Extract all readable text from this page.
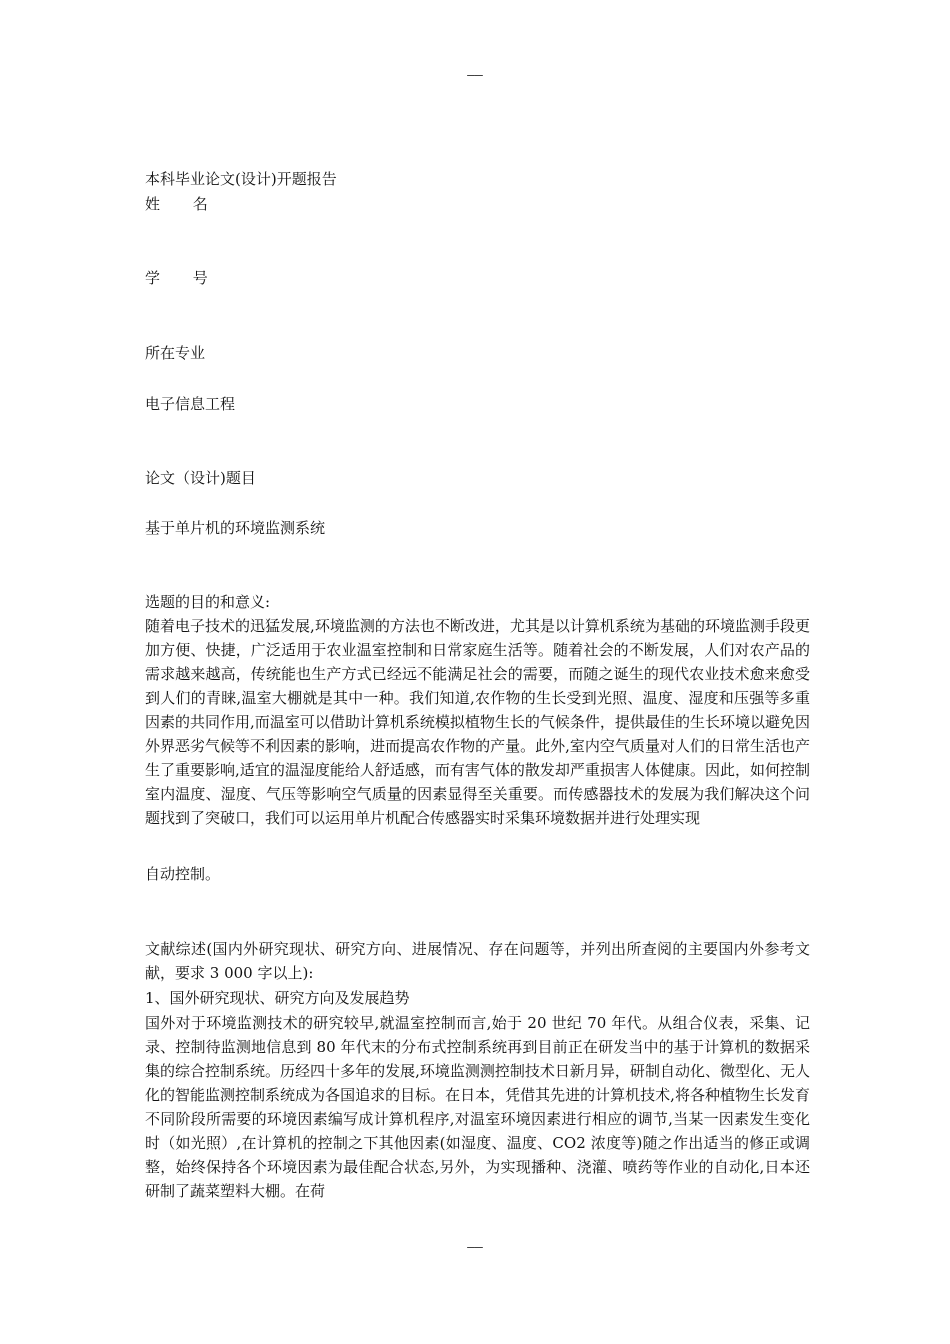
——
本科毕业论文(设计)开题报告
姓 名
学 号
所在专业
电子信息工程
论文（设计)题目
基于单片机的环境监测系统
选题的目的和意义:

随着电子技术的迅猛发展,环境监测的方法也不断改进，尤其是以计算机系统为基础的环境监测手段更加方便、快捷，广泛适用于农业温室控制和日常家庭生活等。随着社会的不断发展，人们对农产品的需求越来越高，传统能也生产方式已经远不能满足社会的需要，而随之诞生的现代农业技术愈来愈受到人们的青睐,温室大棚就是其中一种。我们知道,农作物的生长受到光照、温度、湿度和压强等多重因素的共同作用,而温室可以借助计算机系统模拟植物生长的气候条件，提供最佳的生长环境以避免因外界恶劣气候等不利因素的影响，进而提高农作物的产量。此外,室内空气质量对人们的日常生活也产生了重要影响,适宜的温湿度能给人舒适感，而有害气体的散发却严重损害人体健康。因此，如何控制室内温度、湿度、气压等影响空气质量的因素显得至关重要。而传感器技术的发展为我们解决这个问题找到了突破口，我们可以运用单片机配合传感器实时采集环境数据并进行处理实现

自动控制。

文献综述(国内外研究现状、研究方向、进展情况、存在问题等，并列出所查阅的主要国内外参考文献，要求 3 000 字以上):

1、国外研究现状、研究方向及发展趋势

国外对于环境监测技术的研究较早,就温室控制而言,始于 20 世纪 70 年代。从组合仪表，采集、记录、控制待监测地信息到 80 年代末的分布式控制系统再到目前正在研发当中的基于计算机的数据采集的综合控制系统。历经四十多年的发展,环境监测测控制技术日新月异，研制自动化、微型化、无人化的智能监测控制系统成为各国追求的目标。在日本，凭借其先进的计算机技术,将各种植物生长发育不同阶段所需要的环境因素编写成计算机程序,对温室环境因素进行相应的调节,当某一因素发生变化时（如光照）,在计算机的控制之下其他因素(如湿度、温度、CO2 浓度等)随之作出适当的修正或调整，始终保持各个环境因素为最佳配合状态,另外，为实现播种、浇灌、喷药等作业的自动化,日本还研制了蔬菜塑料大棚。在荷

——
